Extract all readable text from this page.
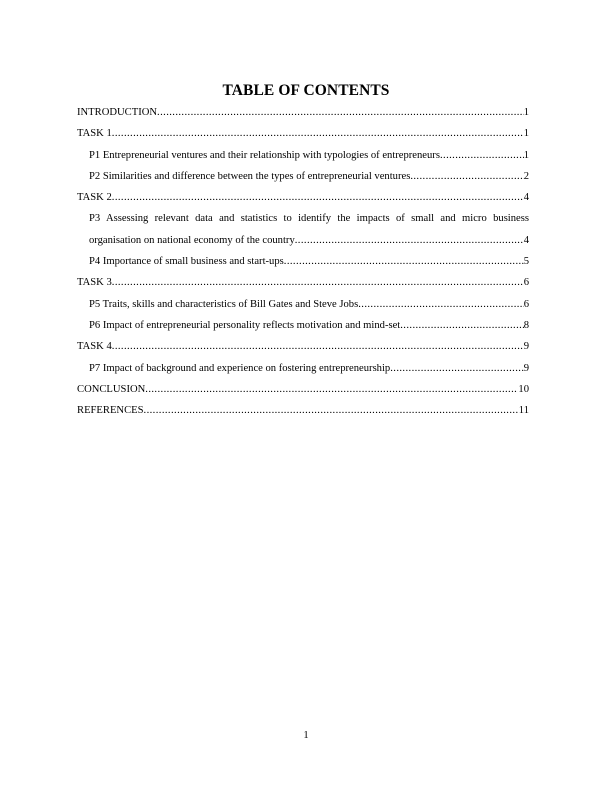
TABLE OF CONTENTS
INTRODUCTION .....	1
TASK 1 .....	1
P1 Entrepreneurial ventures and their relationship with typologies of entrepreneurs .....	1
P2 Similarities and difference between the types of entrepreneurial ventures .....	2
TASK 2 .....	4
P3 Assessing relevant data and statistics to identify the impacts of small and micro business
organisation on national economy of the country .....	4
P4 Importance of small business and start-ups .....	5
TASK 3 .....	6
P5 Traits, skills and characteristics of Bill Gates and Steve Jobs .....	6
P6 Impact of entrepreneurial personality reflects motivation and mind-set .....	8
TASK 4 .....	9
P7 Impact of background and experience on fostering entrepreneurship .....	9
CONCLUSION .....	10
REFERENCES .....	11
1
